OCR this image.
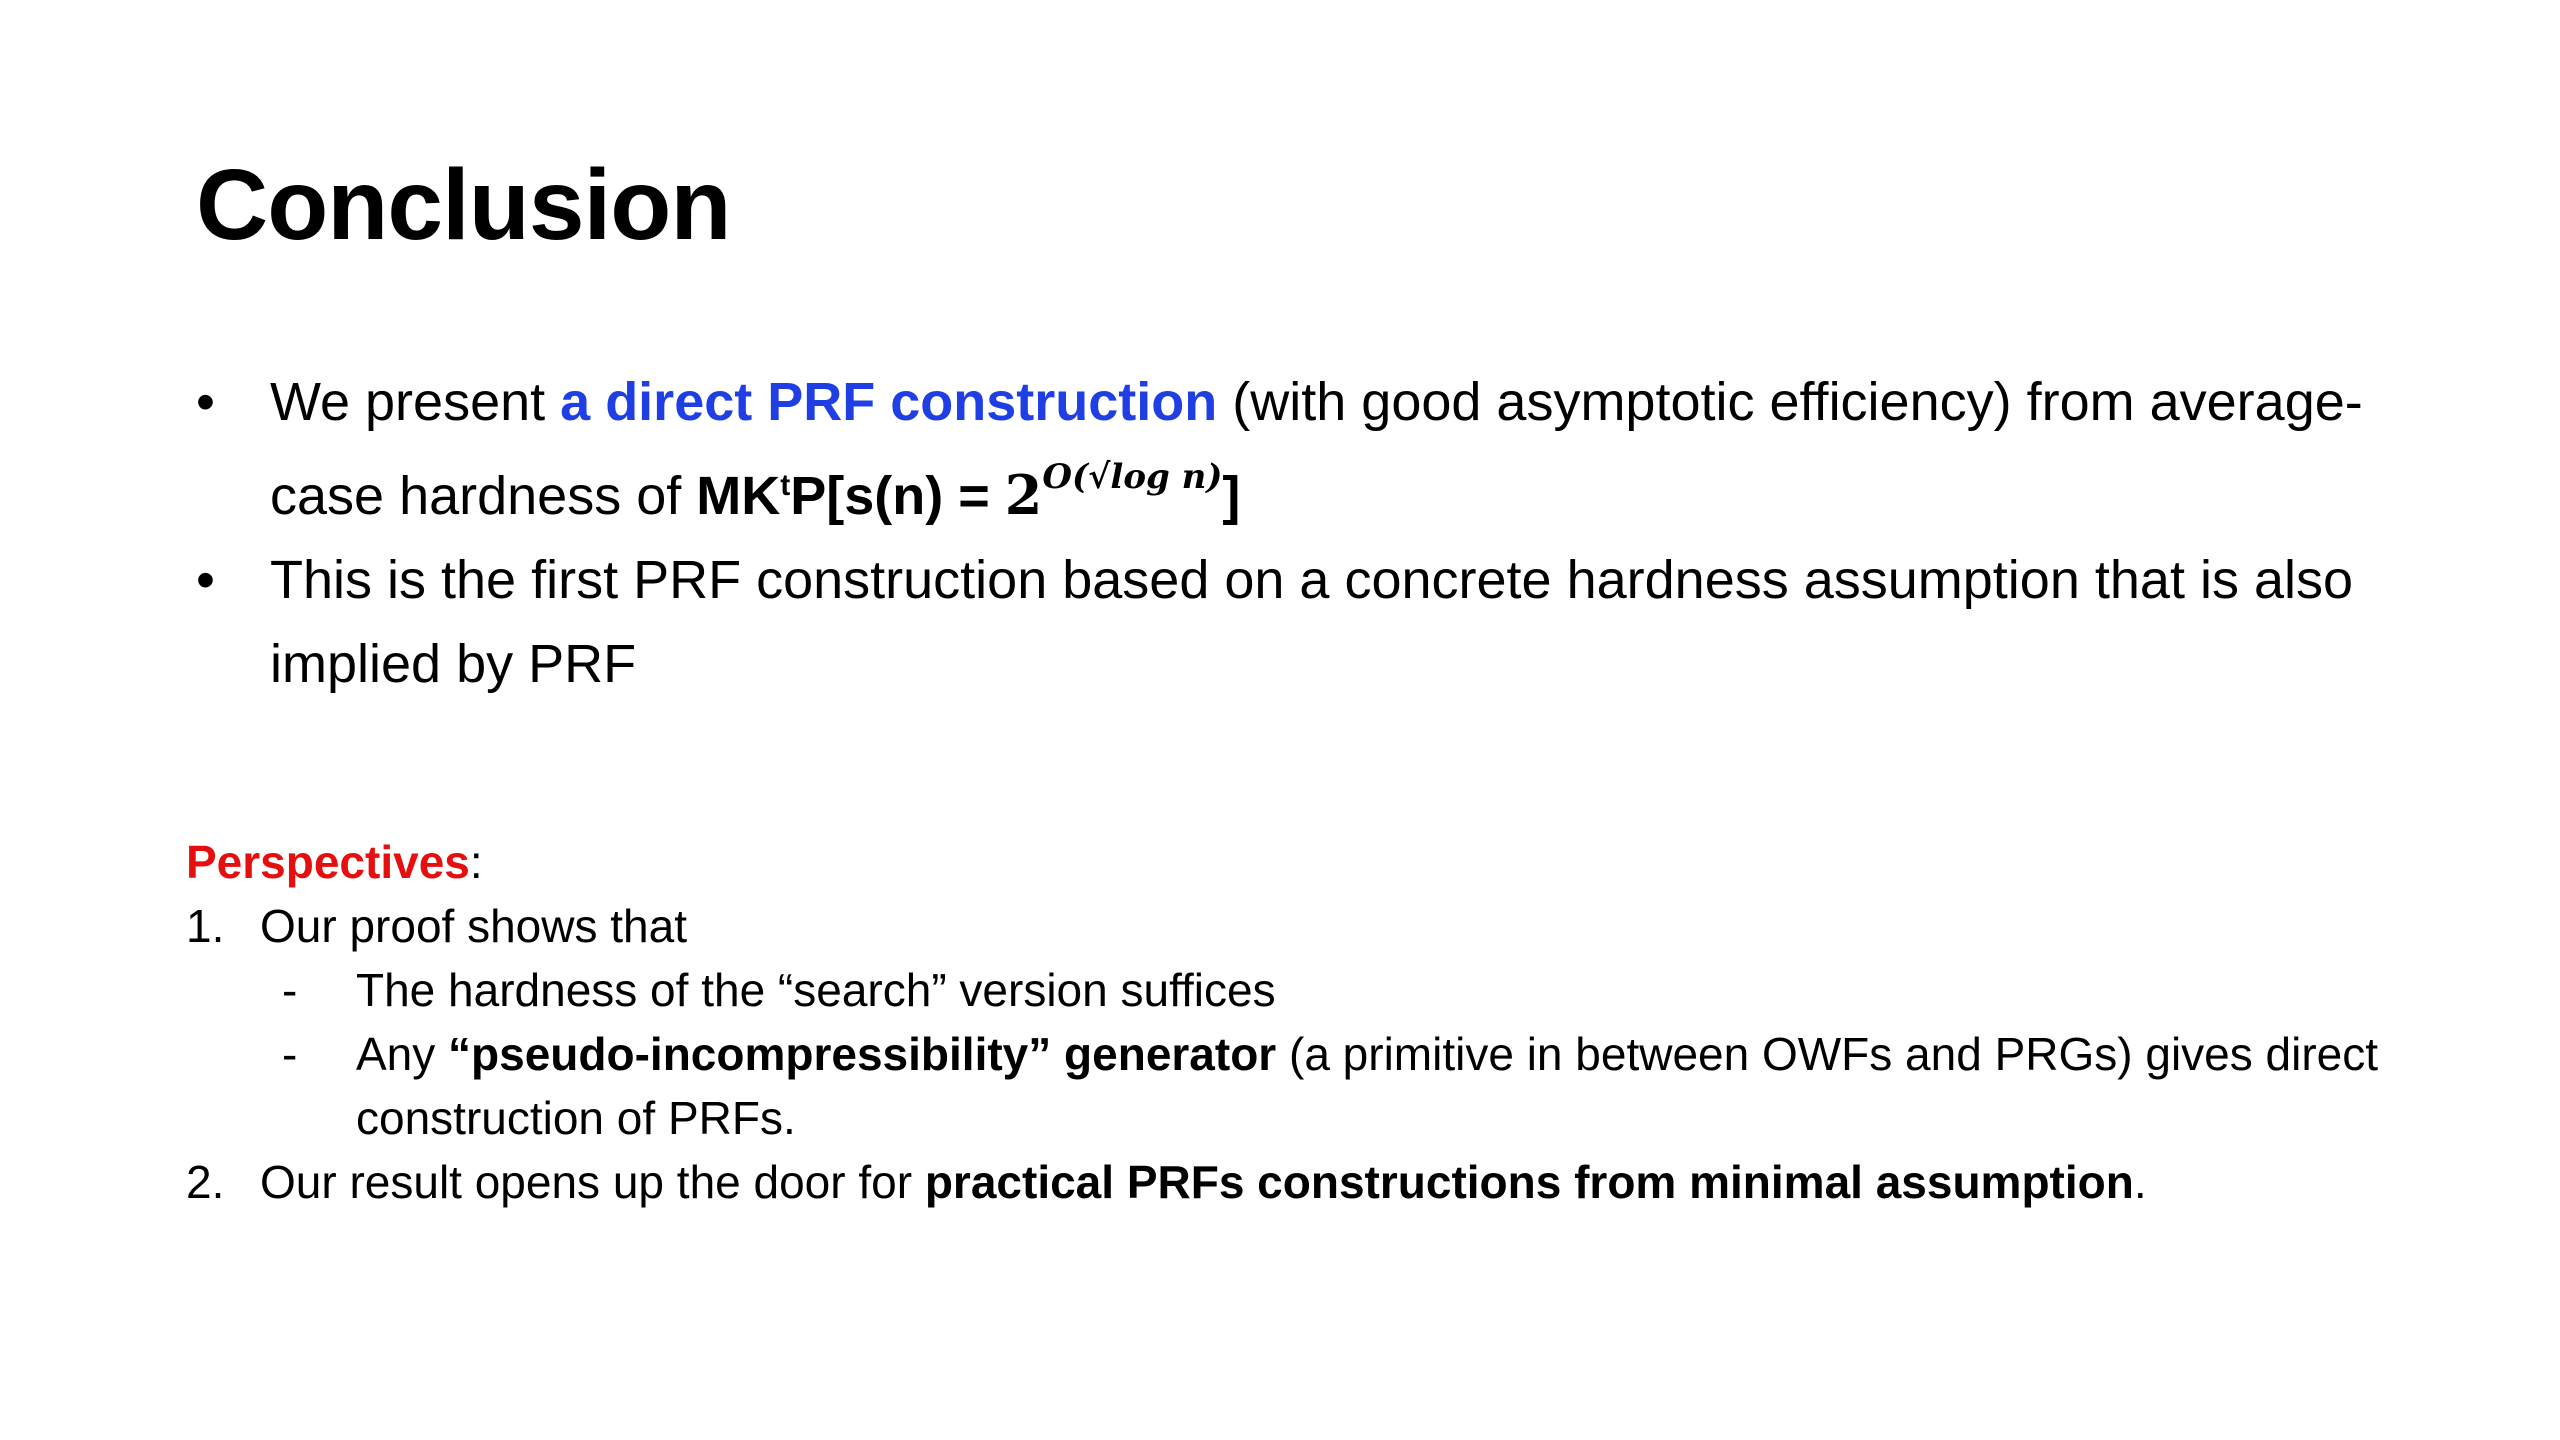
Conclusion
•	We present a direct PRF construction (with good asymptotic efficiency) from average-case hardness of $MK^tP[s(n) = 2^{O(√log n)}]$
•	This is the first PRF construction based on a concrete hardness assumption that is also implied by PRF
Perspectives:
1. Our proof shows that
- The hardness of the “search” version suffices
- Any “pseudo-incompressibility” generator (a primitive in between OWFs and PRGs) gives direct construction of PRFs.
2. Our result opens up the door for practical PRFs constructions from minimal assumption.
